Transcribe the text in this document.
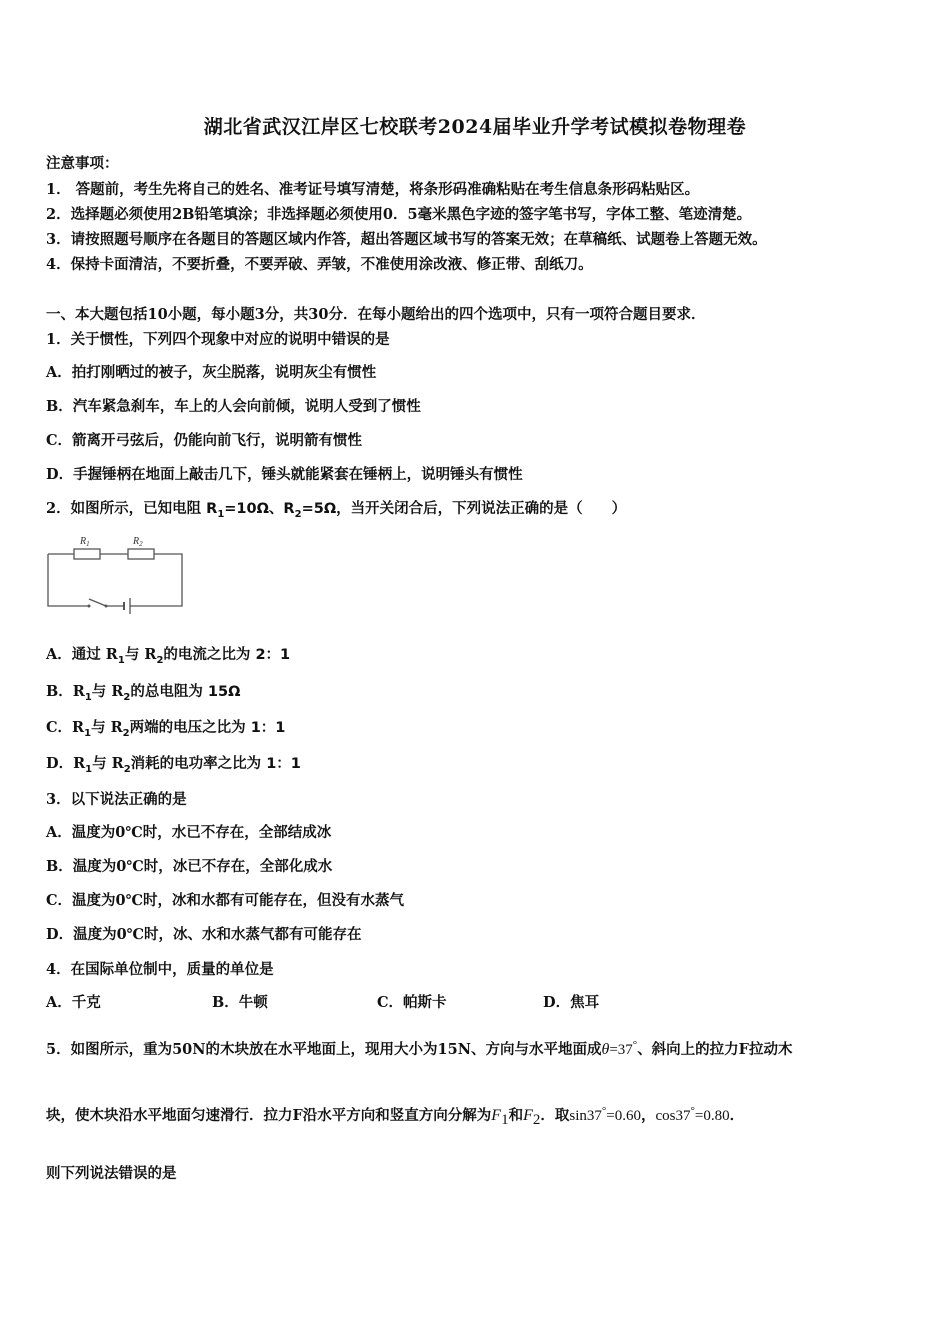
湖北省武汉江岸区七校联考2024届毕业升学考试模拟卷物理卷
注意事项：
1． 答题前，考生先将自己的姓名、准考证号填写清楚，将条形码准确粘贴在考生信息条形码粘贴区。
2．选择题必须使用2B铅笔填涂；非选择题必须使用0．5毫米黑色字迹的签字笔书写，字体工整、笔迹清楚。
3．请按照题号顺序在各题目的答题区域内作答，超出答题区域书写的答案无效；在草稿纸、试题卷上答题无效。
4．保持卡面清洁，不要折叠，不要弄破、弄皱，不准使用涂改液、修正带、刮纸刀。
一、本大题包括10小题，每小题3分，共30分．在每小题给出的四个选项中，只有一项符合题目要求．
1．关于惯性，下列四个现象中对应的说明中错误的是
A．拍打刚晒过的被子，灰尘脱落，说明灰尘有惯性
B．汽车紧急刹车，车上的人会向前倾，说明人受到了惯性
C．箭离开弓弦后，仍能向前飞行，说明箭有惯性
D．手握锤柄在地面上敲击几下，锤头就能紧套在锤柄上，说明锤头有惯性
2．如图所示，已知电阻 $R_1=10\Omega$、$R_2=5\Omega$，当开关闭合后，下列说法正确的是（　　）
$R_1$	$R_2$
A．通过 $R_1$与 $R_2$的电流之比为 2：1
B．$R_1$与 $R_2$的总电阻为 15Ω
C．$R_1$与 $R_2$两端的电压之比为 1：1
D．$R_1$与 $R_2$消耗的电功率之比为 1：1
3．以下说法正确的是
A．温度为0℃时，水已不存在，全部结成冰
B．温度为0℃时，冰已不存在，全部化成水
C．温度为0℃时，冰和水都有可能存在，但没有水蒸气
D．温度为0℃时，冰、水和水蒸气都有可能存在
4．在国际单位制中，质量的单位是
A．千克	B．牛顿	C．帕斯卡	D．焦耳
5．如图所示，重为50N的木块放在水平地面上，现用大小为15N、方向与水平地面成θ=37°、斜向上的拉力F拉动木
块，使木块沿水平地面匀速滑行．拉力F沿水平方向和竖直方向分解为$F_1$和$F_2$．取sin37°=0.60，cos37°=0.80．
则下列说法错误的是
